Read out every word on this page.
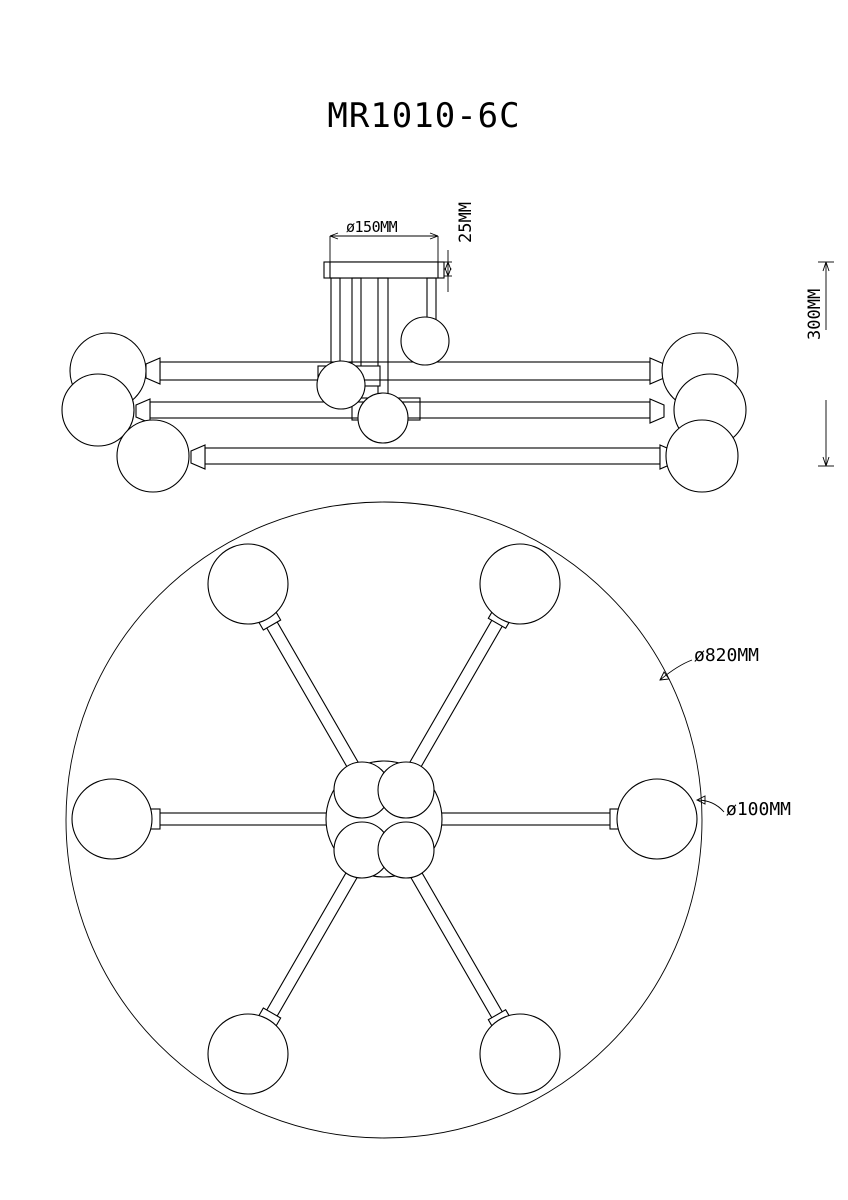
MR1010-6C
ø150MM	25MM
300MM
ø820MM
ø100MM
